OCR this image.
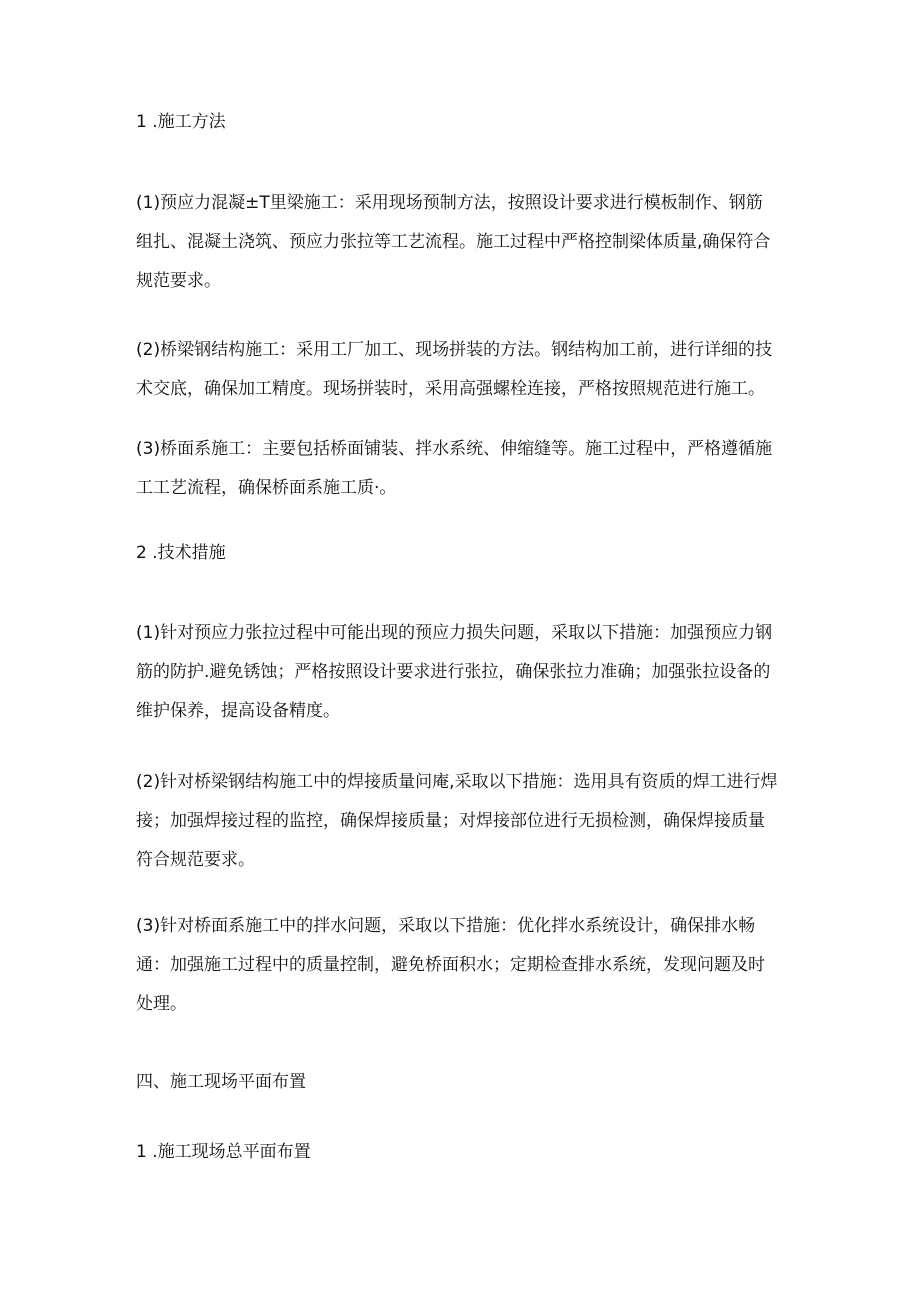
1 .施工方法
(1)预应力混凝±T里梁施工：采用现场预制方法，按照设计要求进行模板制作、钢筋
组扎、混凝土浇筑、预应力张拉等工艺流程。施工过程中严格控制梁体质量,确保符合
规范要求。
(2)桥梁钢结构施工：采用工厂加工、现场拼装的方法。钢结构加工前，进行详细的技
术交底，确保加工精度。现场拼装时，采用高强螺栓连接，严格按照规范进行施工。
(3)桥面系施工：主要包括桥面铺装、拌水系统、伸缩缝等。施工过程中，严格遵循施
工工艺流程，确保桥面系施工质·。
2 .技术措施
(1)针对预应力张拉过程中可能出现的预应力损失问题，采取以下措施：加强预应力钢
筋的防护.避免锈蚀；严格按照设计要求进行张拉，确保张拉力准确；加强张拉设备的
维护保养，提高设备精度。
(2)针对桥梁钢结构施工中的焊接质量问庵,采取以下措施：选用具有资质的焊工进行焊
接；加强焊接过程的监控，确保焊接质量；对焊接部位进行无损检测，确保焊接质量
符合规范要求。
(3)针对桥面系施工中的拌水问题，采取以下措施：优化拌水系统设计，确保排水畅
通：加强施工过程中的质量控制，避免桥面积水；定期检查排水系统，发现问题及时
处理。
四、施工现场平面布置
1 .施工现场总平面布置
